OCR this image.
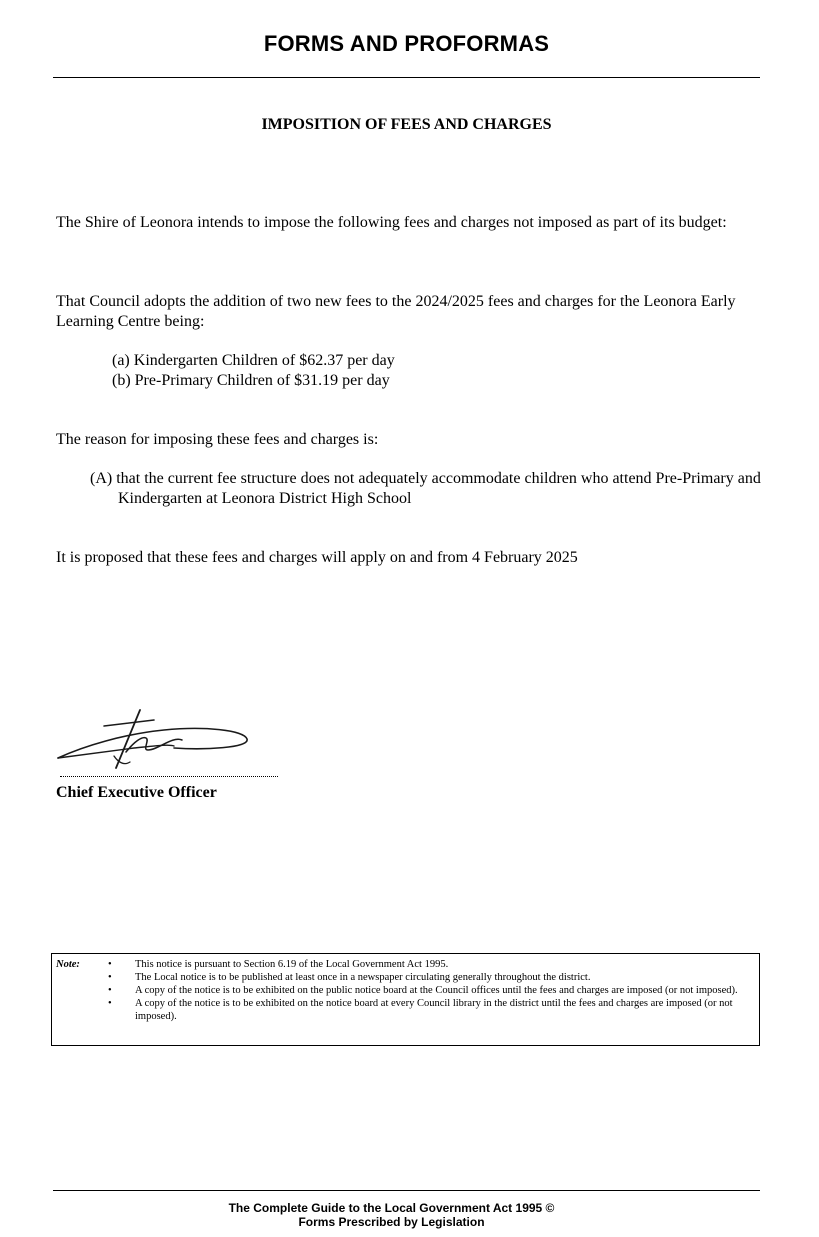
FORMS AND PROFORMAS
IMPOSITION OF FEES AND CHARGES
The Shire of Leonora intends to impose the following fees and charges not imposed as part of its budget:
That Council adopts the addition of two new fees to the 2024/2025 fees and charges for the Leonora Early Learning Centre being:
(a) Kindergarten Children of $62.37 per day
(b) Pre-Primary Children of $31.19 per day
The reason for imposing these fees and charges is:
(A) that the current fee structure does not adequately accommodate children who attend Pre-Primary and Kindergarten at Leonora District High School
It is proposed that these fees and charges will apply on and from 4 February 2025
Chief Executive Officer
Note:	• This notice is pursuant to Section 6.19 of the Local Government Act 1995.
• The Local notice is to be published at least once in a newspaper circulating generally throughout the district.
• A copy of the notice is to be exhibited on the public notice board at the Council offices until the fees and charges are imposed (or not imposed).
• A copy of the notice is to be exhibited on the notice board at every Council library in the district until the fees and charges are imposed (or not imposed).
The Complete Guide to the Local Government Act 1995 ©
Forms Prescribed by Legislation
